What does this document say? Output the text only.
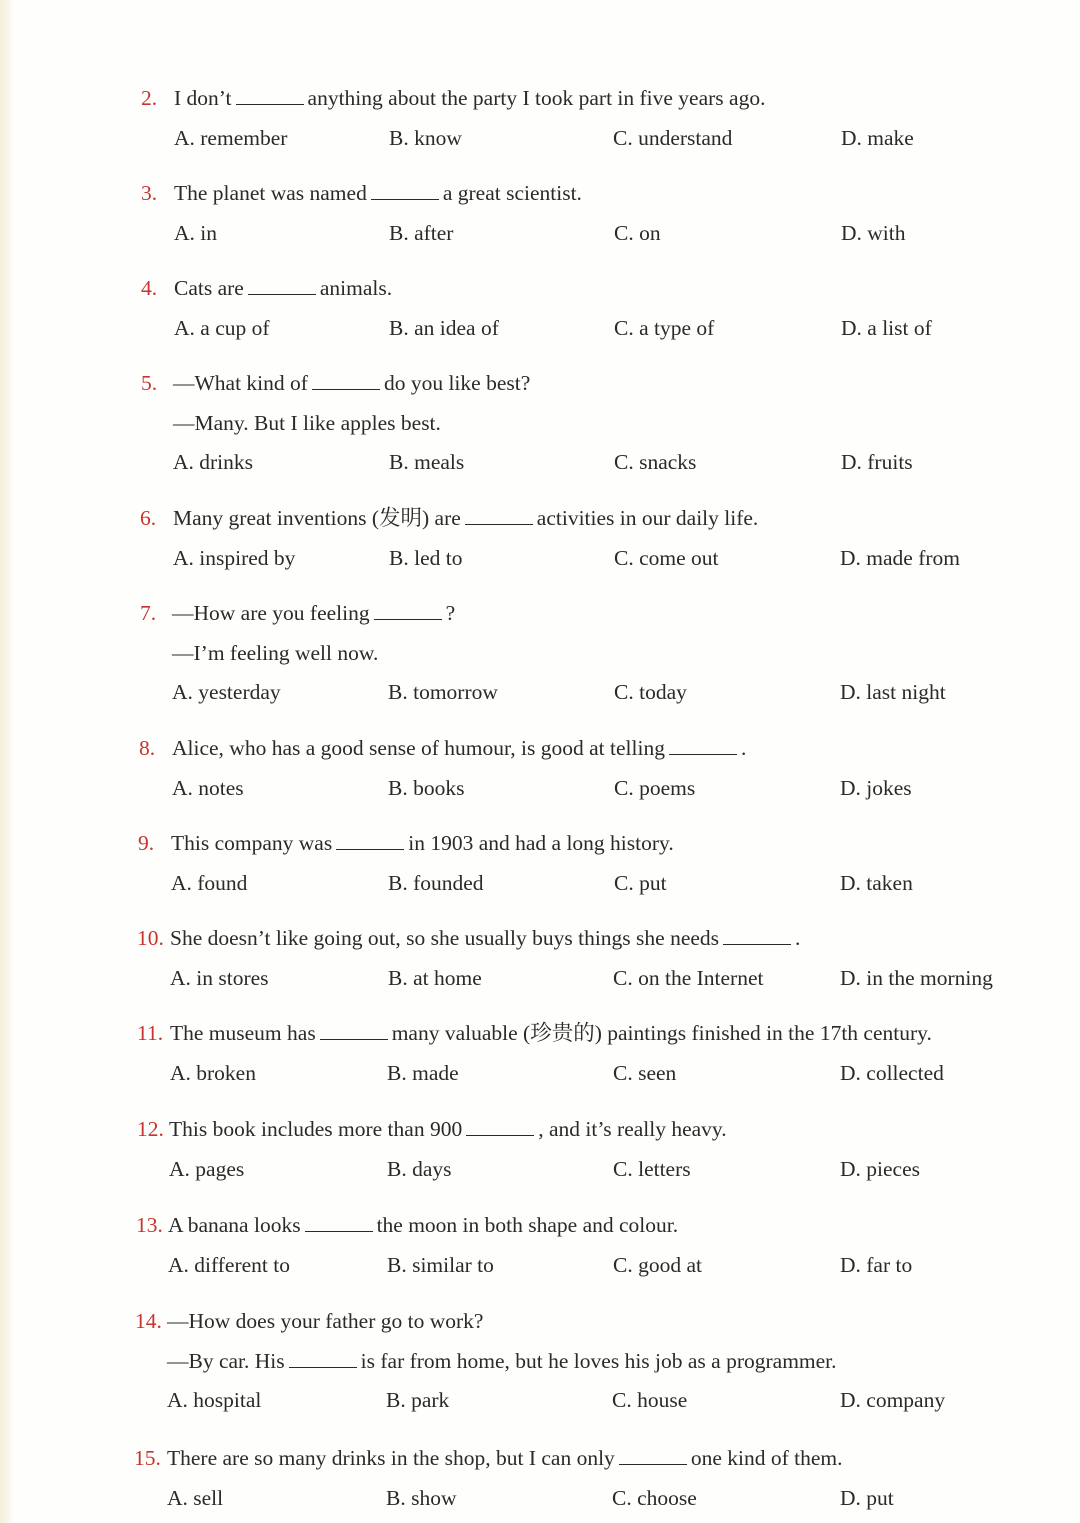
2. I don’t	anything about the party I took part in five years ago.
A. remember	B. know	C. understand	D. make
3. The planet was named	a great scientist.
A. in	B. after	C. on	D. with
4. Cats are	animals.
A. a cup of	B. an idea of	C. a type of	D. a list of
5. —What kind of	do you like best?
—Many. But I like apples best.
A. drinks	B. meals	C. snacks	D. fruits
6. Many great inventions (发明) are	activities in our daily life.
A. inspired by	B. led to	C. come out	D. made from
7. —How are you feeling	?
—I’m feeling well now.
A. yesterday	B. tomorrow	C. today	D. last night
8. Alice, who has a good sense of humour, is good at telling	.
A. notes	B. books	C. poems	D. jokes
9. This company was	in 1903 and had a long history.
A. found	B. founded	C. put	D. taken
10. She doesn’t like going out, so she usually buys things she needs	.
A. in stores	B. at home	C. on the Internet	D. in the morning
11. The museum has	many valuable (珍贵的) paintings finished in the 17th century.
A. broken	B. made	C. seen	D. collected
12. This book includes more than 900	, and it’s really heavy.
A. pages	B. days	C. letters	D. pieces
13. A banana looks	the moon in both shape and colour.
A. different to	B. similar to	C. good at	D. far to
14. —How does your father go to work?
—By car. His	is far from home, but he loves his job as a programmer.
A. hospital	B. park	C. house	D. company
15. There are so many drinks in the shop, but I can only	one kind of them.
A. sell	B. show	C. choose	D. put
